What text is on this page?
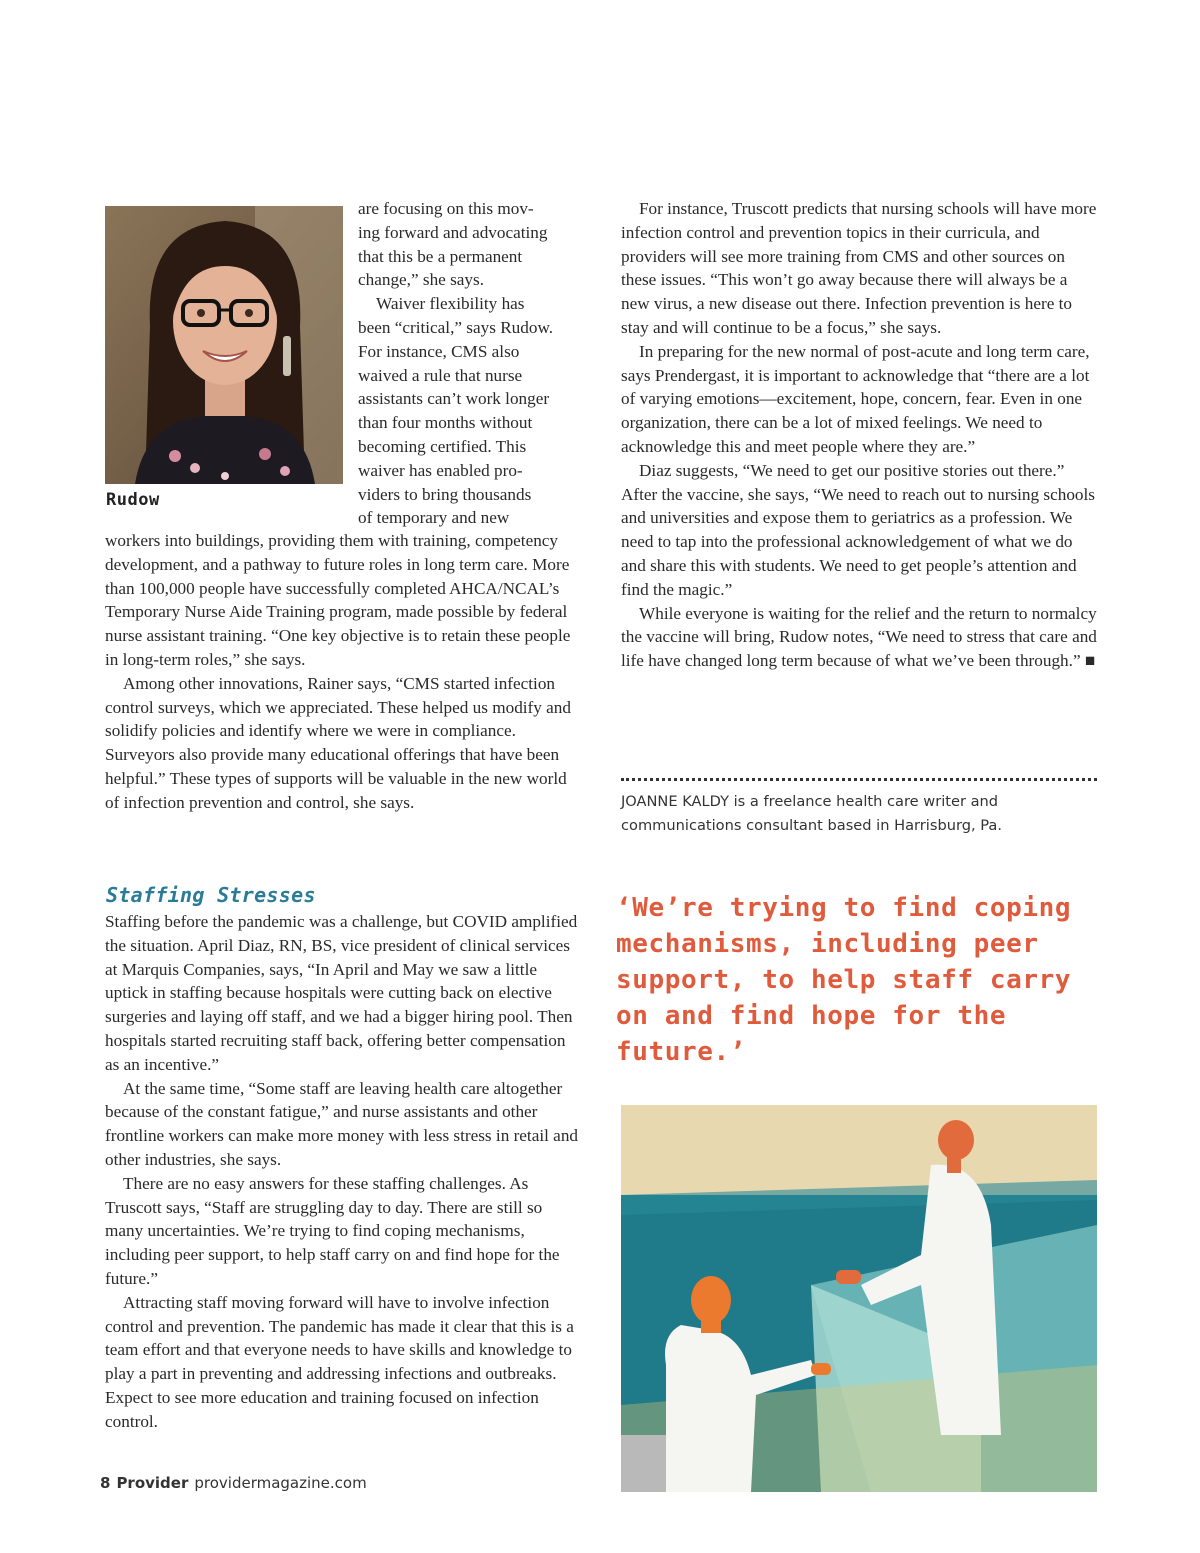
Rudow
are focusing on this mov-
ing forward and advocating
that this be a permanent
change,” she says.
Waiver flexibility has
been “critical,” says Rudow.
For instance, CMS also
waived a rule that nurse
assistants can’t work longer
than four months without
becoming certified. This
waiver has enabled pro-
viders to bring thousands
of temporary and new

workers into buildings, providing them with training, competency development, and a pathway to future roles in long term care. More than 100,000 people have successfully completed AHCA/NCAL’s Temporary Nurse Aide Training program, made possible by federal nurse assistant training. “One key objective is to retain these people in long-term roles,” she says.

Among other innovations, Rainer says, “CMS started infection control surveys, which we appreciated. These helped us modify and solidify policies and identify where we were in compliance. Surveyors also provide many educational offerings that have been helpful.” These types of supports will be valuable in the new world of infection prevention and control, she says.

Staffing Stresses

Staffing before the pandemic was a challenge, but COVID amplified the situation. April Diaz, RN, BS, vice president of clinical services at Marquis Companies, says, “In April and May we saw a little uptick in staffing because hospitals were cutting back on elective surgeries and laying off staff, and we had a bigger hiring pool. Then hospitals started recruiting staff back, offering better compensation as an incentive.”

At the same time, “Some staff are leaving health care altogether because of the constant fatigue,” and nurse assistants and other frontline workers can make more money with less stress in retail and other industries, she says.

There are no easy answers for these staffing challenges. As Truscott says, “Staff are struggling day to day. There are still so many uncertainties. We’re trying to find coping mechanisms, including peer support, to help staff carry on and find hope for the future.”

Attracting staff moving forward will have to involve infection control and prevention. The pandemic has made it clear that this is a team effort and that everyone needs to have skills and knowledge to play a part in preventing and addressing infections and outbreaks. Expect to see more education and training focused on infection control.

For instance, Truscott predicts that nursing schools will have more infection control and prevention topics in their curricula, and providers will see more training from CMS and other sources on these issues. “This won’t go away because there will always be a new virus, a new disease out there. Infection prevention is here to stay and will continue to be a focus,” she says.

In preparing for the new normal of post-acute and long term care, says Prendergast, it is important to acknowledge that “there are a lot of varying emotions—excitement, hope, concern, fear. Even in one organization, there can be a lot of mixed feelings. We need to acknowledge this and meet people where they are.”

Diaz suggests, “We need to get our positive stories out there.” After the vaccine, she says, “We need to reach out to nursing schools and universities and expose them to geriatrics as a profession. We need to tap into the professional acknowledgement of what we do and share this with students. We need to get people’s attention and find the magic.”

While everyone is waiting for the relief and the return to normalcy the vaccine will bring, Rudow notes, “We need to stress that care and life have changed long term because of what we’ve been through.” ■

JOANNE KALDY is a freelance health care writer and communications consultant based in Harrisburg, Pa.
‘We’re trying to find coping mechanisms, including peer support, to help staff carry on and find hope for the future.’
8 Provider providermagazine.com
